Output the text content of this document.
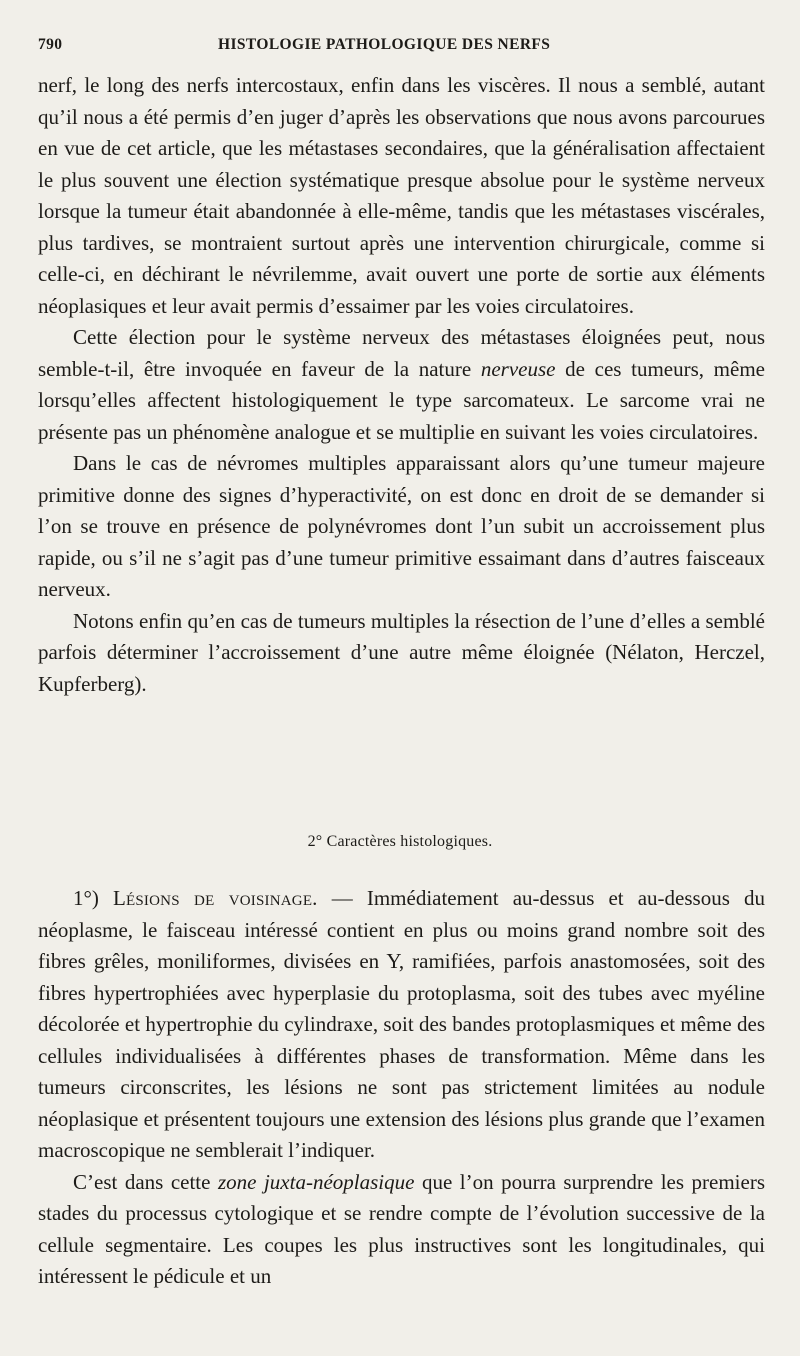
790	HISTOLOGIE PATHOLOGIQUE DES NERFS

nerf, le long des nerfs intercostaux, enfin dans les viscères. Il nous a semblé, autant qu’il nous a été permis d’en juger d’après les observations que nous avons parcourues en vue de cet article, que les métastases secondaires, que la généralisation affectaient le plus souvent une élection systématique presque absolue pour le système nerveux lorsque la tumeur était abandonnée à elle-même, tandis que les métastases viscérales, plus tardives, se montraient surtout après une intervention chirurgicale, comme si celle-ci, en déchirant le névrilemme, avait ouvert une porte de sortie aux éléments néoplasiques et leur avait permis d’essaimer par les voies circulatoires.

Cette élection pour le système nerveux des métastases éloignées peut, nous semble-t-il, être invoquée en faveur de la nature nerveuse de ces tumeurs, même lorsqu’elles affectent histologiquement le type sarcomateux. Le sarcome vrai ne présente pas un phénomène analogue et se multiplie en suivant les voies circulatoires.

Dans le cas de névromes multiples apparaissant alors qu’une tumeur majeure primitive donne des signes d’hyperactivité, on est donc en droit de se demander si l’on se trouve en présence de polynévromes dont l’un subit un accroissement plus rapide, ou s’il ne s’agit pas d’une tumeur primitive essaimant dans d’autres faisceaux nerveux.

Notons enfin qu’en cas de tumeurs multiples la résection de l’une d’elles a semblé parfois déterminer l’accroissement d’une autre même éloignée (Nélaton, Herczel, Kupferberg).

2° Caractères histologiques.

1°) Lésions de voisinage. — Immédiatement au-dessus et au-dessous du néoplasme, le faisceau intéressé contient en plus ou moins grand nombre soit des fibres grêles, moniliformes, divisées en Y, ramifiées, parfois anastomosées, soit des fibres hypertrophiées avec hyperplasie du protoplasma, soit des tubes avec myéline décolorée et hypertrophie du cylindraxe, soit des bandes protoplasmiques et même des cellules individualisées à différentes phases de transformation. Même dans les tumeurs circonscrites, les lésions ne sont pas strictement limitées au nodule néoplasique et présentent toujours une extension des lésions plus grande que l’examen macroscopique ne semblerait l’indiquer.

C’est dans cette zone juxta-néoplasique que l’on pourra surprendre les premiers stades du processus cytologique et se rendre compte de l’évolution successive de la cellule segmentaire. Les coupes les plus instructives sont les longitudinales, qui intéressent le pédicule et un
